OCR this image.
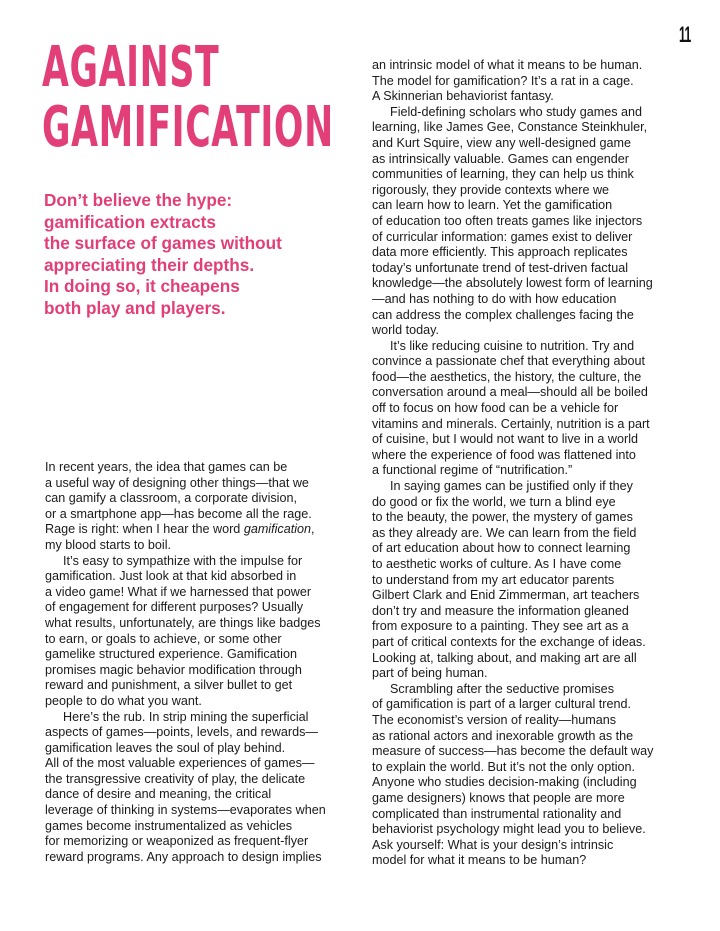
11
AGAINST
GAMIFICATION

Don’t believe the hype:
gamification extracts
the surface of games without
appreciating their depths.
In doing so, it cheapens
both play and players.

In recent years, the idea that games can be
a useful way of designing other things—that we
can gamify a classroom, a corporate division,
or a smartphone app—has become all the rage.
Rage is right: when I hear the word gamification,
my blood starts to boil.
It’s easy to sympathize with the impulse for
gamification. Just look at that kid absorbed in
a video game! What if we harnessed that power
of engagement for different purposes? Usually
what results, unfortunately, are things like badges
to earn, or goals to achieve, or some other
gamelike structured experience. Gamification
promises magic behavior modification through
reward and punishment, a silver bullet to get
people to do what you want.
Here’s the rub. In strip mining the superficial
aspects of games—points, levels, and rewards—
gamification leaves the soul of play behind.
All of the most valuable experiences of games—
the transgressive creativity of play, the delicate
dance of desire and meaning, the critical
leverage of thinking in systems—evaporates when
games become instrumentalized as vehicles
for memorizing or weaponized as frequent-flyer
reward programs. Any approach to design implies
an intrinsic model of what it means to be human.
The model for gamification? It’s a rat in a cage.
A Skinnerian behaviorist fantasy.
Field-defining scholars who study games and
learning, like James Gee, Constance Steinkhuler,
and Kurt Squire, view any well-designed game
as intrinsically valuable. Games can engender
communities of learning, they can help us think
rigorously, they provide contexts where we
can learn how to learn. Yet the gamification
of education too often treats games like injectors
of curricular information: games exist to deliver
data more efficiently. This approach replicates
today’s unfortunate trend of test-driven factual
knowledge—the absolutely lowest form of learning
—and has nothing to do with how education
can address the complex challenges facing the
world today.
It’s like reducing cuisine to nutrition. Try and
convince a passionate chef that everything about
food—the aesthetics, the history, the culture, the
conversation around a meal—should all be boiled
off to focus on how food can be a vehicle for
vitamins and minerals. Certainly, nutrition is a part
of cuisine, but I would not want to live in a world
where the experience of food was flattened into
a functional regime of “nutrification.”
In saying games can be justified only if they
do good or fix the world, we turn a blind eye
to the beauty, the power, the mystery of games
as they already are. We can learn from the field
of art education about how to connect learning
to aesthetic works of culture. As I have come
to understand from my art educator parents
Gilbert Clark and Enid Zimmerman, art teachers
don’t try and measure the information gleaned
from exposure to a painting. They see art as a
part of critical contexts for the exchange of ideas.
Looking at, talking about, and making art are all
part of being human.
Scrambling after the seductive promises
of gamification is part of a larger cultural trend.
The economist’s version of reality—humans
as rational actors and inexorable growth as the
measure of success—has become the default way
to explain the world. But it’s not the only option.
Anyone who studies decision-making (including
game designers) knows that people are more
complicated than instrumental rationality and
behaviorist psychology might lead you to believe.
Ask yourself: What is your design’s intrinsic
model for what it means to be human?
